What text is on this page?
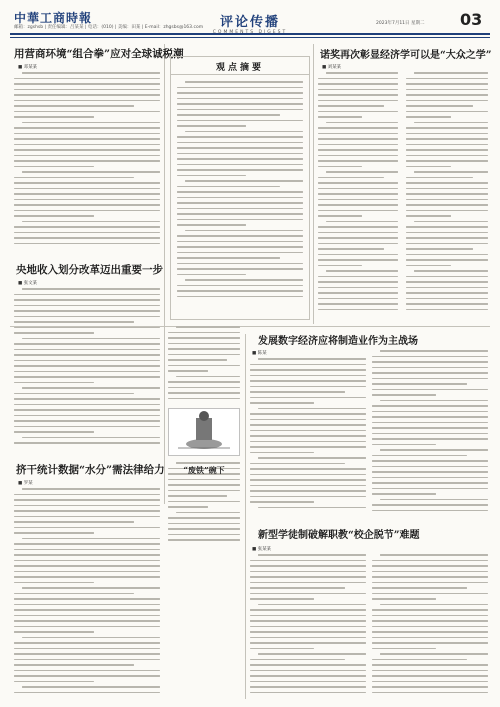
中華工商時報
邮箱：zgshsb | 责任编辑：吕某某 | 电话：(010) | 美编：田某 | E-mail：zhgsbs@163.com	评论传播	2023年7月11日 星期二 03
用营商环境“组合拳”应对全球诚税潮
■ 邓某某
央地收入划分改革迈出重要一步
■ 张文某
挤干统计数据“水分”需法律给力
■ 罗某
观点摘要
诺奖再次彰显经济学可以是“大众之学”
■ 刘某某
发展数字经济应将制造业作为主战场
■ 陈某
新型学徒制破解职教“校企脱节”难题
■ 张某某
“废铁”碗下
